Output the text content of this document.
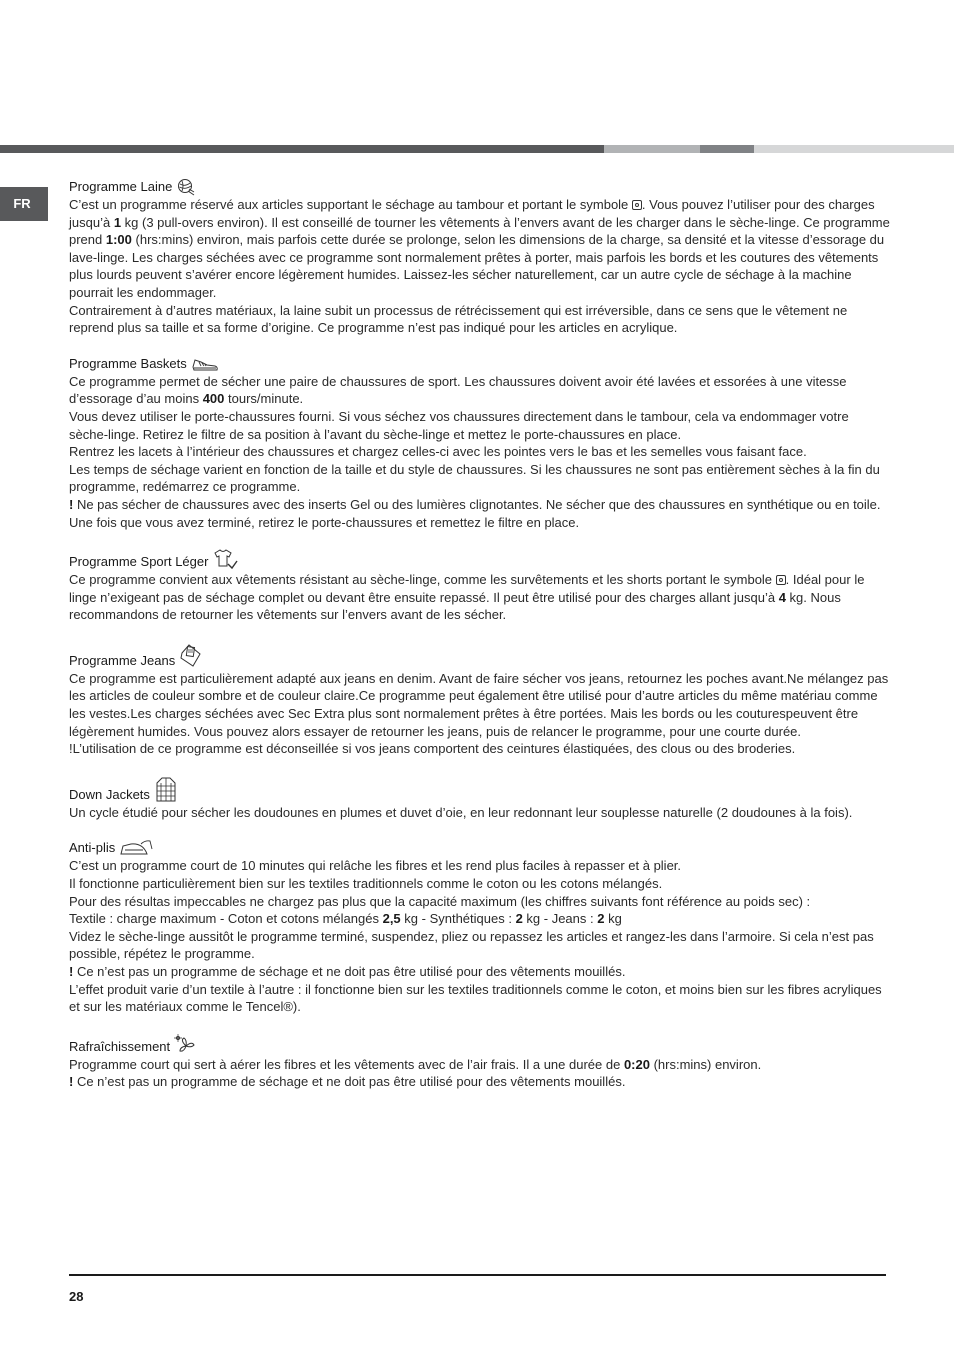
FR
Programme Laine

C’est un programme réservé aux articles supportant le séchage au tambour et portant le symbole . Vous pouvez l’utiliser pour des charges jusqu’à 1 kg (3 pull-overs environ). Il est conseillé de tourner les vêtements à l’envers avant de les charger dans le sèche-linge. Ce programme prend 1:00 (hrs:mins) environ, mais parfois cette durée se prolonge, selon les dimensions de la charge, sa densité et la vitesse d’essorage du lave-linge. Les charges séchées avec ce programme sont normalement prêtes à porter, mais parfois les bords et les coutures des vêtements plus lourds peuvent s’avérer encore légèrement humides. Laissez-les sécher naturellement, car un autre cycle de séchage à la machine pourrait les endommager.

Contrairement à d’autres matériaux, la laine subit un processus de rétrécissement qui est irréversible, dans ce sens que le vêtement ne reprend plus sa taille et sa forme d’origine. Ce programme n’est pas indiqué pour les articles en acrylique.

Programme Baskets

Ce programme permet de sécher une paire de chaussures de sport. Les chaussures doivent avoir été lavées et essorées à une vitesse d’essorage d’au moins 400 tours/minute.

Vous devez utiliser le porte-chaussures fourni. Si vous séchez vos chaussures directement dans le tambour, cela va endommager votre sèche-linge. Retirez le filtre de sa position à l’avant du sèche-linge et mettez le porte-chaussures en place.

Rentrez les lacets à l’intérieur des chaussures et chargez celles-ci avec les pointes vers le bas et les semelles vous faisant face.

Les temps de séchage varient en fonction de la taille et du style de chaussures. Si les chaussures ne sont pas entièrement sèches à la fin du programme, redémarrez ce programme.

! Ne pas sécher de chaussures avec des inserts Gel ou des lumières clignotantes. Ne sécher que des chaussures en synthétique ou en toile. Une fois que vous avez terminé, retirez le porte-chaussures et remettez le filtre en place.

Programme Sport Léger

Ce programme convient aux vêtements résistant au sèche-linge, comme les survêtements et les shorts portant le symbole . Idéal pour le linge n’exigeant pas de séchage complet ou devant être ensuite repassé. Il peut être utilisé pour des charges allant jusqu’à 4 kg. Nous recommandons de retourner les vêtements sur l’envers avant de les sécher.

Programme Jeans

Ce programme est particulièrement adapté aux jeans en denim. Avant de faire sécher vos jeans, retournez les poches avant.Ne mélangez pas les articles de couleur sombre et de couleur claire.Ce programme peut également être utilisé pour d’autre articles du même matériau comme les vestes.Les charges séchées avec Sec Extra plus sont normalement prêtes à être portées. Mais les bords ou les couturespeuvent être légèrement humides. Vous pouvez alors essayer de retourner les jeans, puis de relancer le programme, pour une courte durée.

!L’utilisation de ce programme est déconseillée si vos jeans comportent des ceintures élastiquées, des clous ou des broderies.

Down Jackets

Un cycle étudié pour sécher les doudounes en plumes et duvet d’oie, en leur redonnant leur souplesse naturelle (2 doudounes à la fois).

Anti-plis

C’est un programme court de 10 minutes qui relâche les fibres et les rend plus faciles à repasser et à plier.

Il fonctionne particulièrement bien sur les textiles traditionnels comme le coton ou les cotons mélangés.

Pour des résultas impeccables ne chargez pas plus que la capacité maximum (les chiffres suivants font référence au poids sec) :

Textile : charge maximum - Coton et cotons mélangés 2,5 kg - Synthétiques : 2 kg - Jeans : 2 kg

Videz le sèche-linge aussitôt le programme terminé, suspendez, pliez ou repassez les articles et rangez-les dans l’armoire. Si cela n’est pas possible, répétez le programme.

! Ce n’est pas un programme de séchage et ne doit pas être utilisé pour des vêtements mouillés.

L’effet produit varie d’un textile à l’autre : il fonctionne bien sur les textiles traditionnels comme le coton, et moins bien sur les fibres acryliques et sur les matériaux comme le Tencel®).

Rafraîchissement

Programme court qui sert à aérer les fibres et les vêtements avec de l’air frais. Il a une durée de 0:20 (hrs:mins) environ.

! Ce n’est pas un programme de séchage et ne doit pas être utilisé pour des vêtements mouillés.

28
